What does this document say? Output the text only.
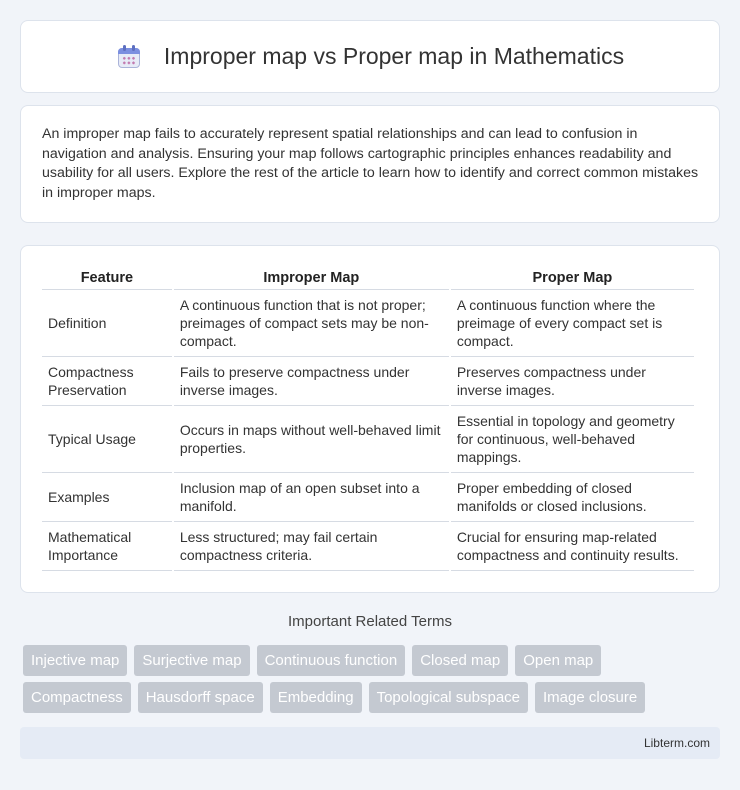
Improper map vs Proper map in Mathematics

An improper map fails to accurately represent spatial relationships and can lead to confusion in navigation and analysis. Ensuring your map follows cartographic principles enhances readability and usability for all users. Explore the rest of the article to learn how to identify and correct common mistakes in improper maps.

Feature	Improper Map	Proper Map
Definition	A continuous function that is not proper; preimages of compact sets may be non-compact.	A continuous function where the preimage of every compact set is compact.
Compactness Preservation	Fails to preserve compactness under inverse images.	Preserves compactness under inverse images.
Typical Usage	Occurs in maps without well-behaved limit properties.	Essential in topology and geometry for continuous, well-behaved mappings.
Examples	Inclusion map of an open subset into a manifold.	Proper embedding of closed manifolds or closed inclusions.
Mathematical Importance	Less structured; may fail certain compactness criteria.	Crucial for ensuring map-related compactness and continuity results.
Important Related Terms
Injective map	Surjective map	Continuous function	Closed map	Open map
Compactness	Hausdorff space	Embedding	Topological subspace	Image closure
Libterm.com
